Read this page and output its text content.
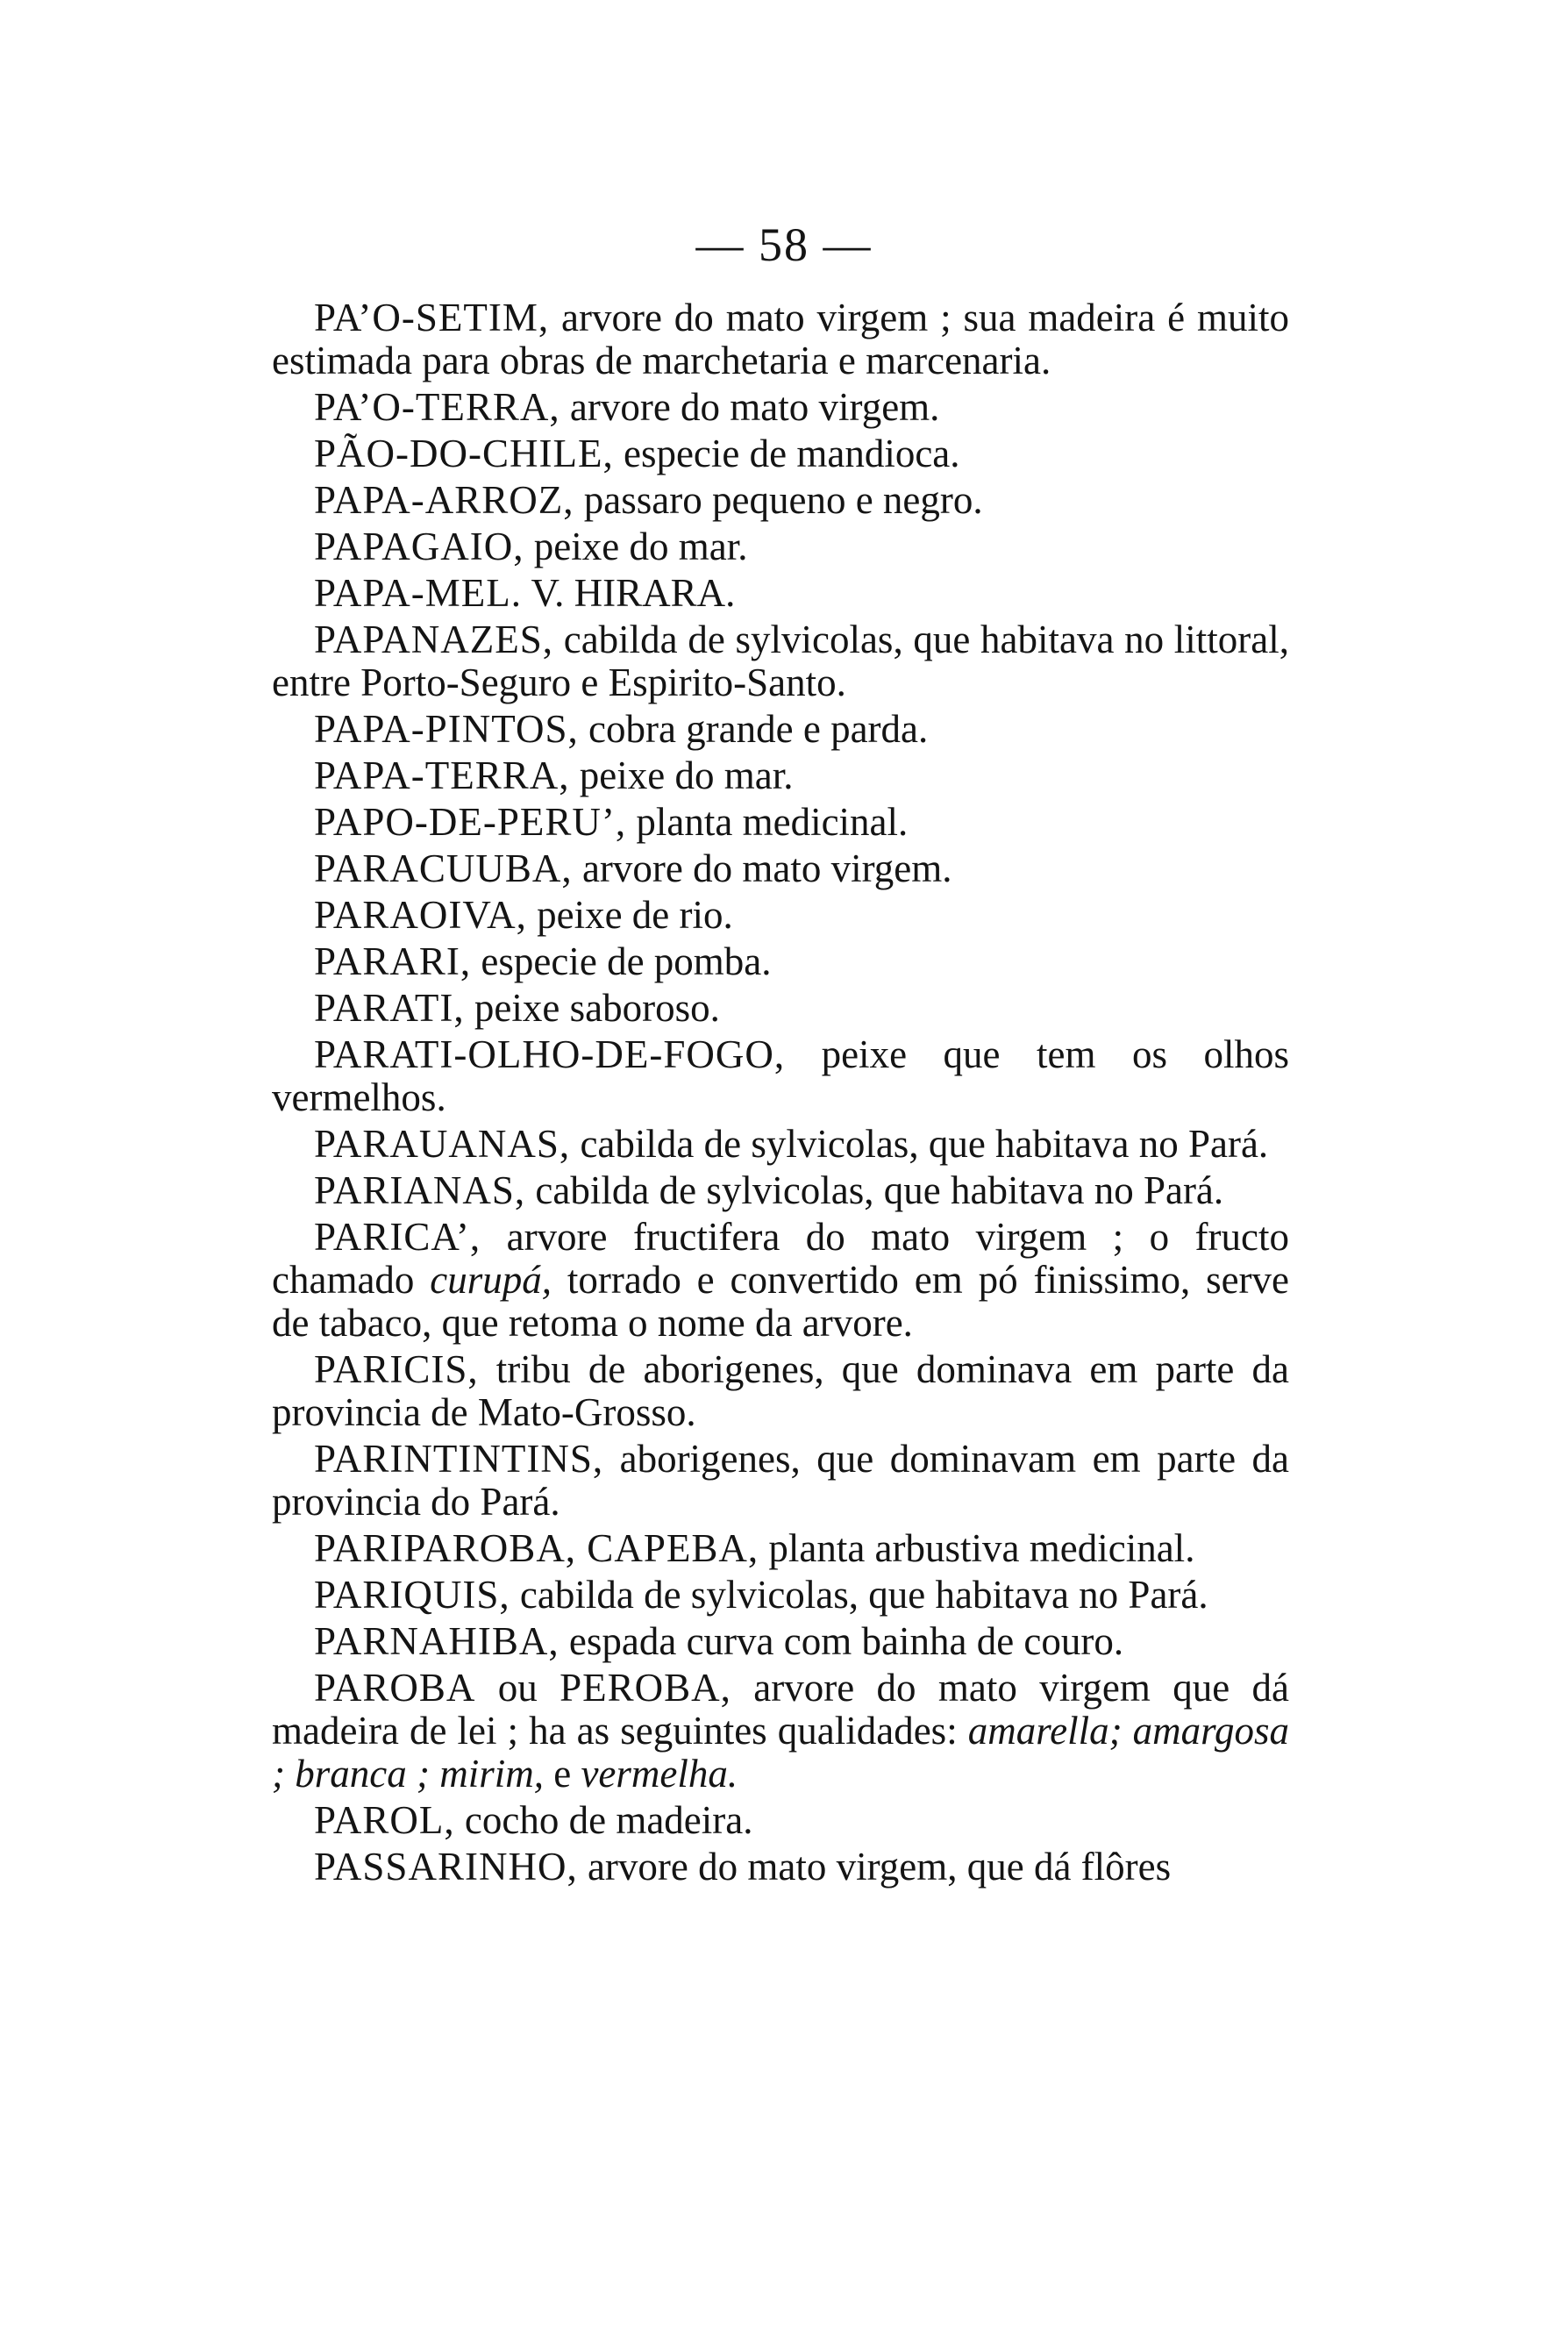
— 58 —

PA’O-SETIM, arvore do mato virgem ; sua madeira é muito estimada para obras de marchetaria e marcenaria.

PA’O-TERRA, arvore do mato virgem.

PÃO-DO-CHILE, especie de mandioca.

PAPA-ARROZ, passaro pequeno e negro.

PAPAGAIO, peixe do mar.

PAPA-MEL. V. HIRARA.

PAPANAZES, cabilda de sylvicolas, que habitava no littoral, entre Porto-Seguro e Espirito-Santo.

PAPA-PINTOS, cobra grande e parda.

PAPA-TERRA, peixe do mar.

PAPO-DE-PERU’, planta medicinal.

PARACUUBA, arvore do mato virgem.

PARAOIVA, peixe de rio.

PARARI, especie de pomba.

PARATI, peixe saboroso.

PARATI-OLHO-DE-FOGO, peixe que tem os olhos vermelhos.

PARAUANAS, cabilda de sylvicolas, que habitava no Pará.

PARIANAS, cabilda de sylvicolas, que habitava no Pará.

PARICA’, arvore fructifera do mato virgem ; o fructo chamado curupá, torrado e convertido em pó finissimo, serve de tabaco, que retoma o nome da arvore.

PARICIS, tribu de aborigenes, que dominava em parte da provincia de Mato-Grosso.

PARINTINTINS, aborigenes, que dominavam em parte da provincia do Pará.

PARIPAROBA, CAPEBA, planta arbustiva medicinal.

PARIQUIS, cabilda de sylvicolas, que habitava no Pará.

PARNAHIBA, espada curva com bainha de couro.

PAROBA ou PEROBA, arvore do mato virgem que dá madeira de lei ; ha as seguintes qualidades: amarella; amargosa ; branca ; mirim, e vermelha.

PAROL, cocho de madeira.

PASSARINHO, arvore do mato virgem, que dá flôres
